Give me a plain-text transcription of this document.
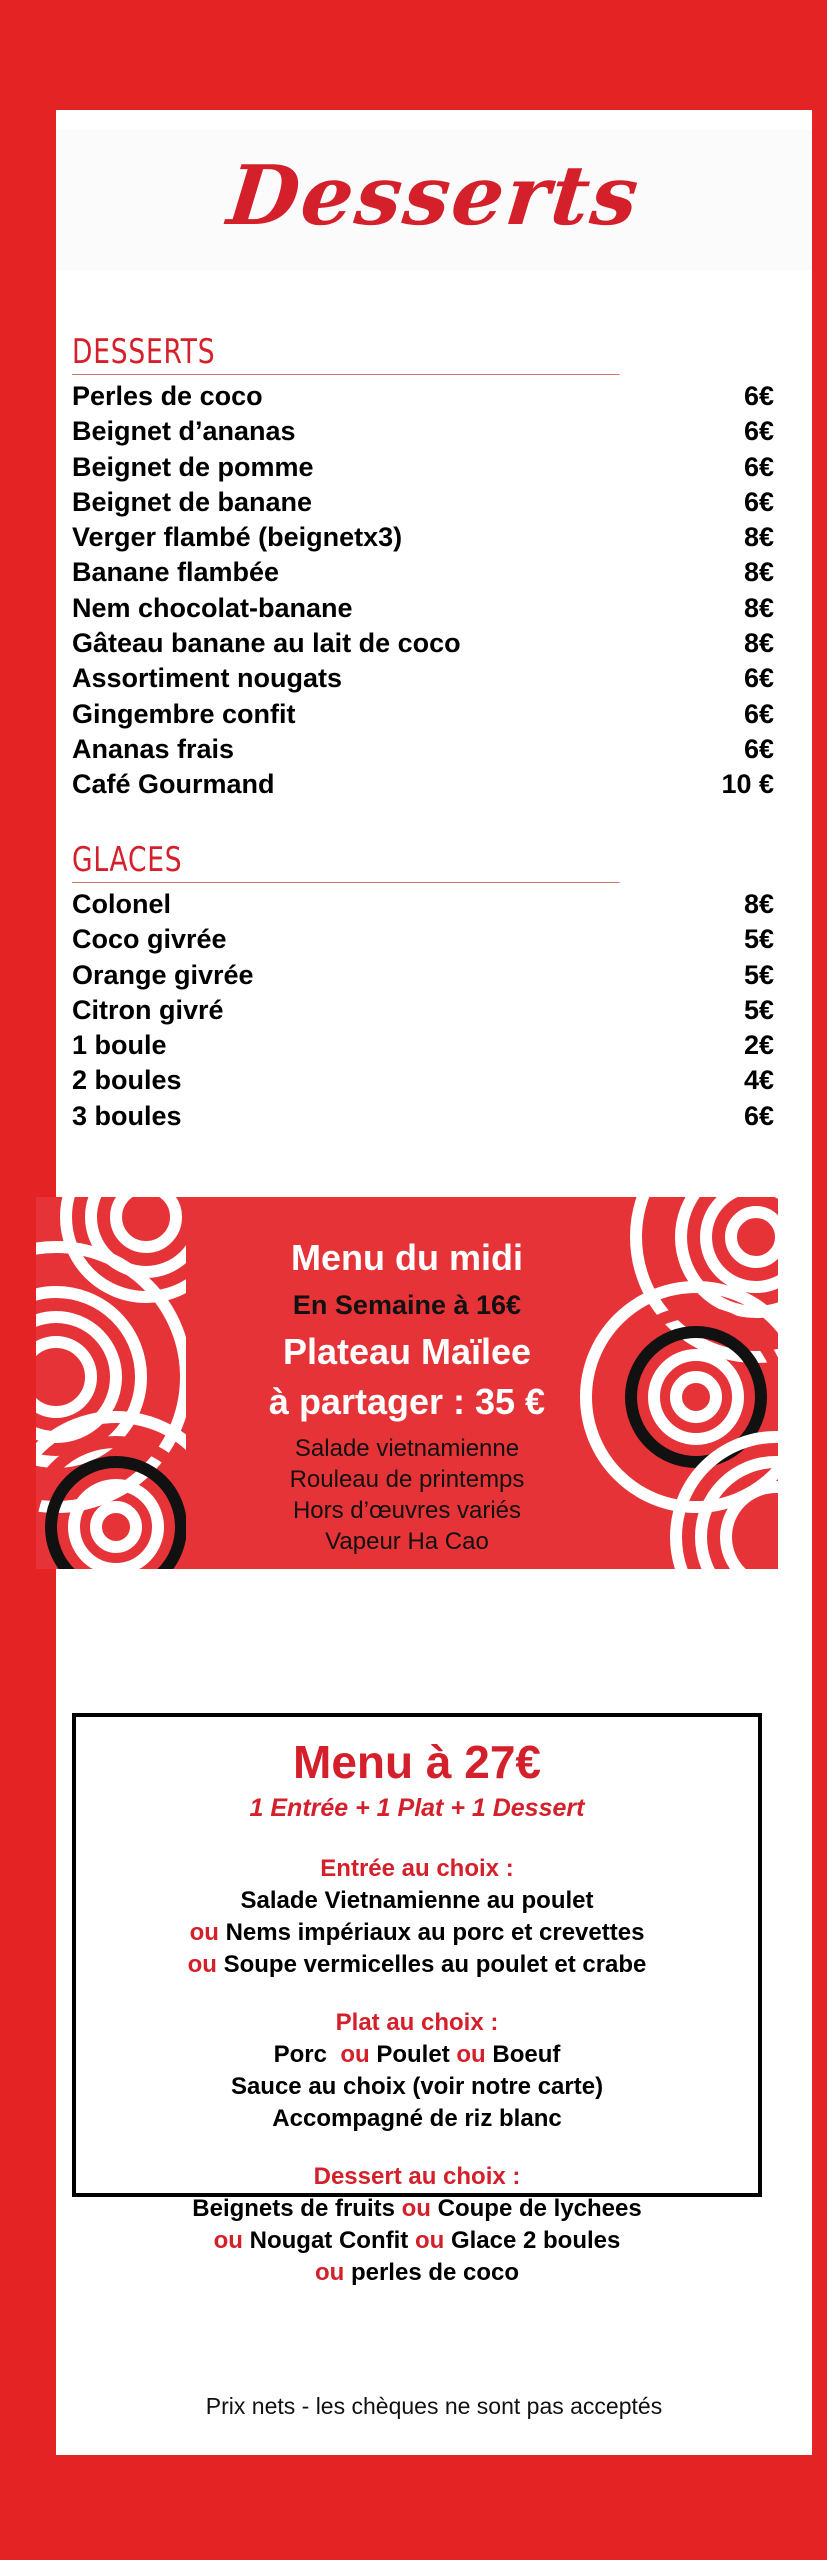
Desserts
DESSERTS
Perles de coco	6€
Beignet d’ananas	6€
Beignet de pomme	6€
Beignet de banane	6€
Verger flambé (beignetx3)	8€
Banane flambée	8€
Nem chocolat-banane	8€
Gâteau banane au lait de coco	8€
Assortiment nougats	6€
Gingembre confit	6€
Ananas frais	6€
Café Gourmand	10 €
GLACES
Colonel	8€
Coco givrée	5€
Orange givrée	5€
Citron givré	5€
1 boule	2€
2 boules	4€
3 boules	6€
Menu du midi
En Semaine à 16€
Plateau Maïlee
à partager : 35 €
Salade vietnamienne
Rouleau de printemps
Hors d’œuvres variés
Vapeur Ha Cao
Menu à 27€
1 Entrée + 1 Plat + 1 Dessert
Entrée au choix :
Salade Vietnamienne au poulet
ou Nems impériaux au porc et crevettes
ou Soupe vermicelles au poulet et crabe
Plat au choix :
Porc ou Poulet ou Boeuf
Sauce au choix (voir notre carte)
Accompagné de riz blanc
Dessert au choix :
Beignets de fruits ou Coupe de lychees
ou Nougat Confit ou Glace 2 boules
ou perles de coco
Prix nets - les chèques ne sont pas acceptés
